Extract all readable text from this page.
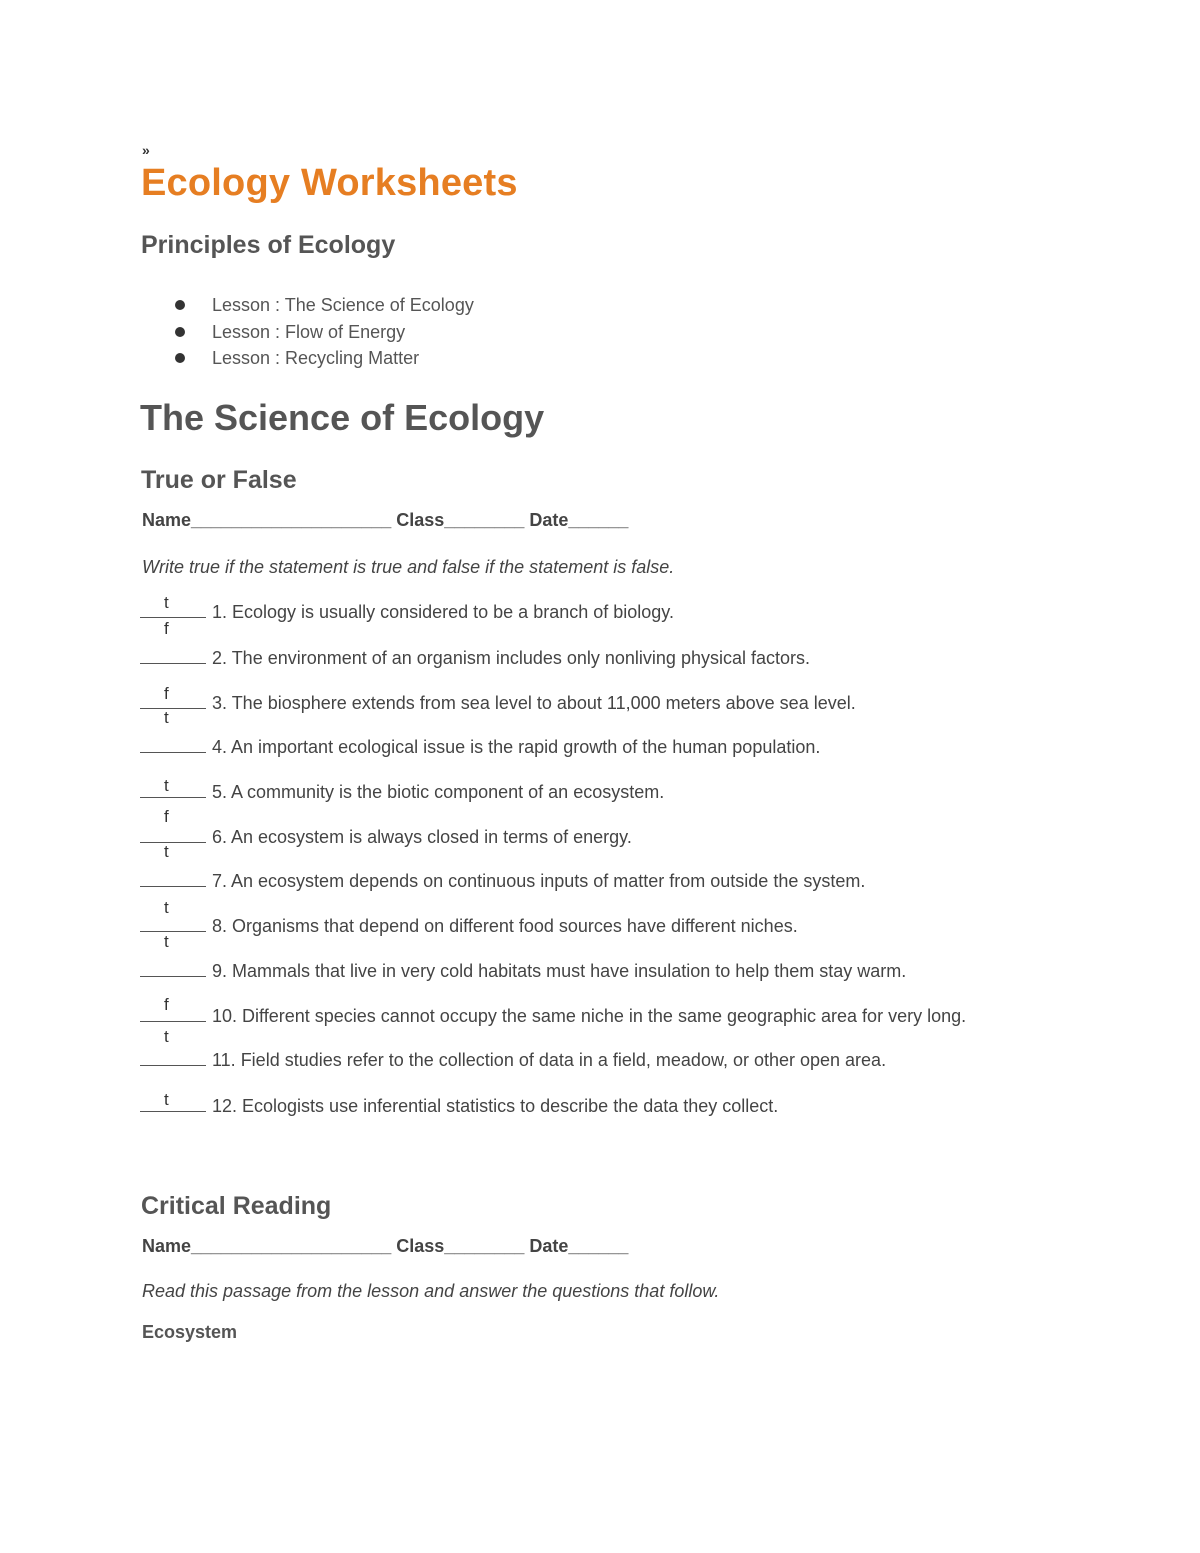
»
Ecology Worksheets
Principles of Ecology
Lesson : The Science of Ecology
Lesson : Flow of Energy
Lesson : Recycling Matter
The Science of Ecology
True or False
Name____________________ Class________ Date______
Write true if the statement is true and false if the statement is false.
t 1. Ecology is usually considered to be a branch of biology.
f
2. The environment of an organism includes only nonliving physical factors.
f 3. The biosphere extends from sea level to about 11,000 meters above sea level.
t
4. An important ecological issue is the rapid growth of the human population.
t 5. A community is the biotic component of an ecosystem.
f
6. An ecosystem is always closed in terms of energy.
t
7. An ecosystem depends on continuous inputs of matter from outside the system.
t
8. Organisms that depend on different food sources have different niches.
t
9. Mammals that live in very cold habitats must have insulation to help them stay warm.
f
10. Different species cannot occupy the same niche in the same geographic area for very long.
t
11. Field studies refer to the collection of data in a field, meadow, or other open area.
t 12. Ecologists use inferential statistics to describe the data they collect.
Critical Reading
Name____________________ Class________ Date______
Read this passage from the lesson and answer the questions that follow.
Ecosystem
